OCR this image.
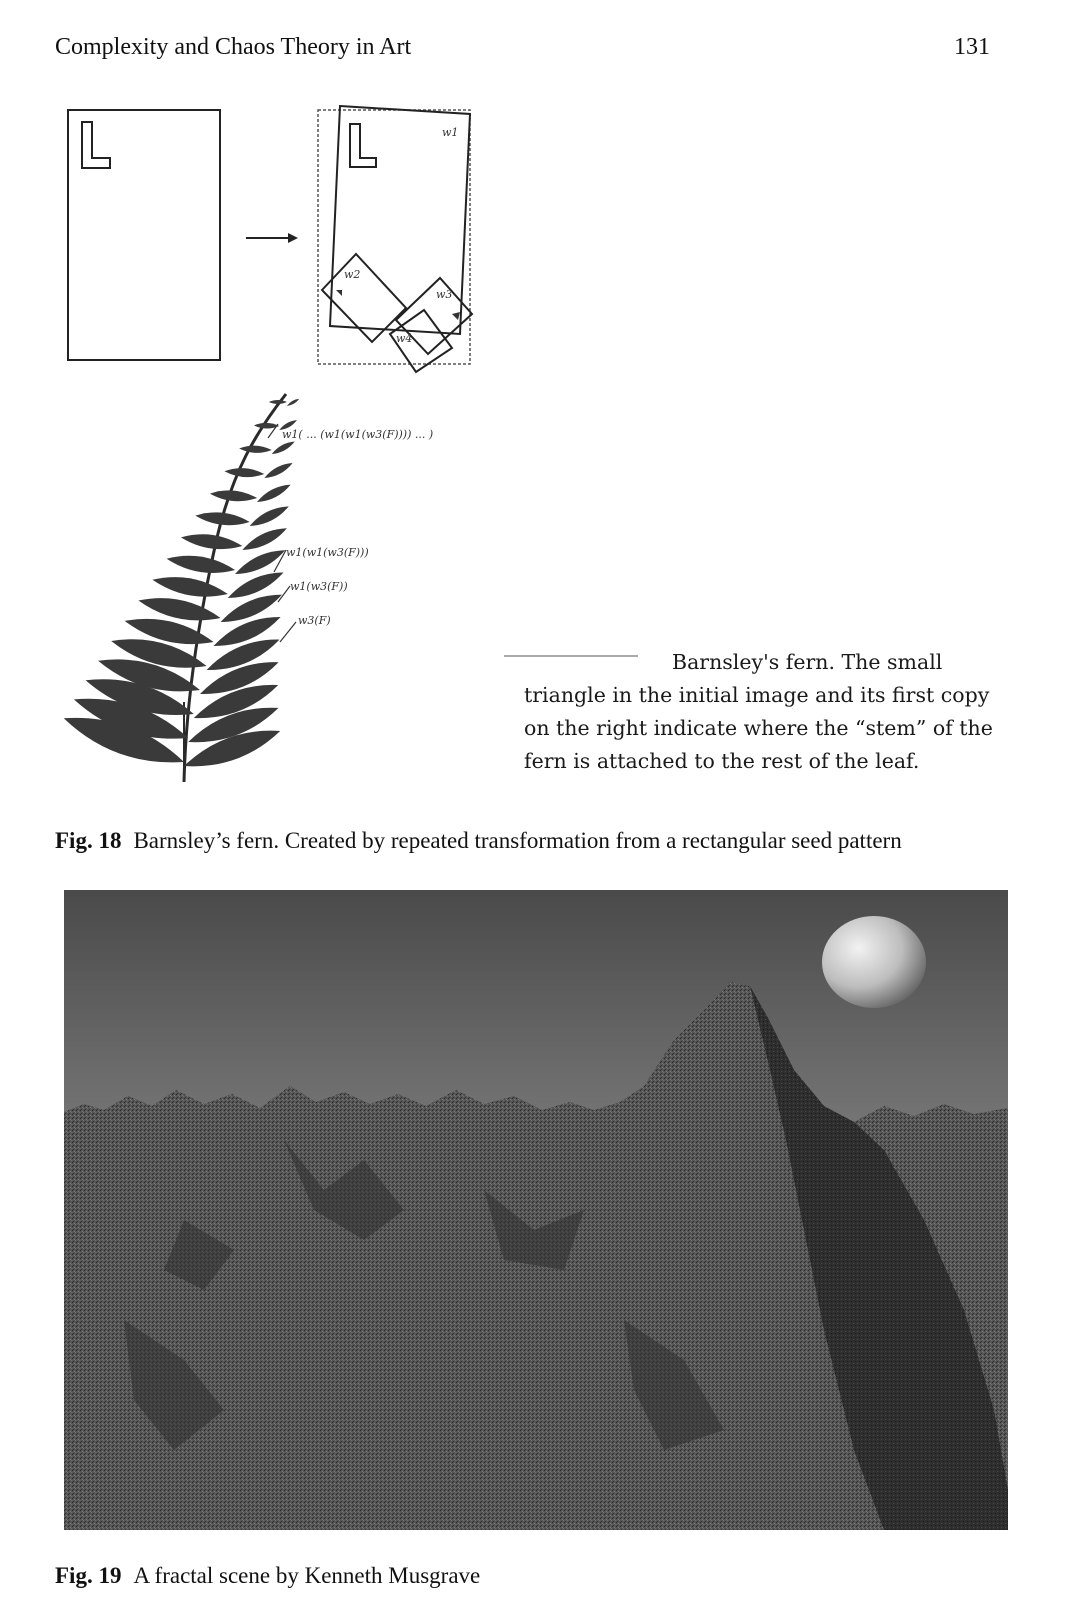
Complexity and Chaos Theory in Art	131
w1
w2
w3
w4
w1( ... (w1(w1(w3(F)))) ... )
w1(w1(w3(F)))
w1(w3(F))
w3(F)
Barnsley's fern. The small triangle in the initial image and its first copy on the right indicate where the “stem” of the fern is attached to the rest of the leaf.
Fig. 18 Barnsley’s fern. Created by repeated transformation from a rectangular seed pattern
Fig. 19 A fractal scene by Kenneth Musgrave
